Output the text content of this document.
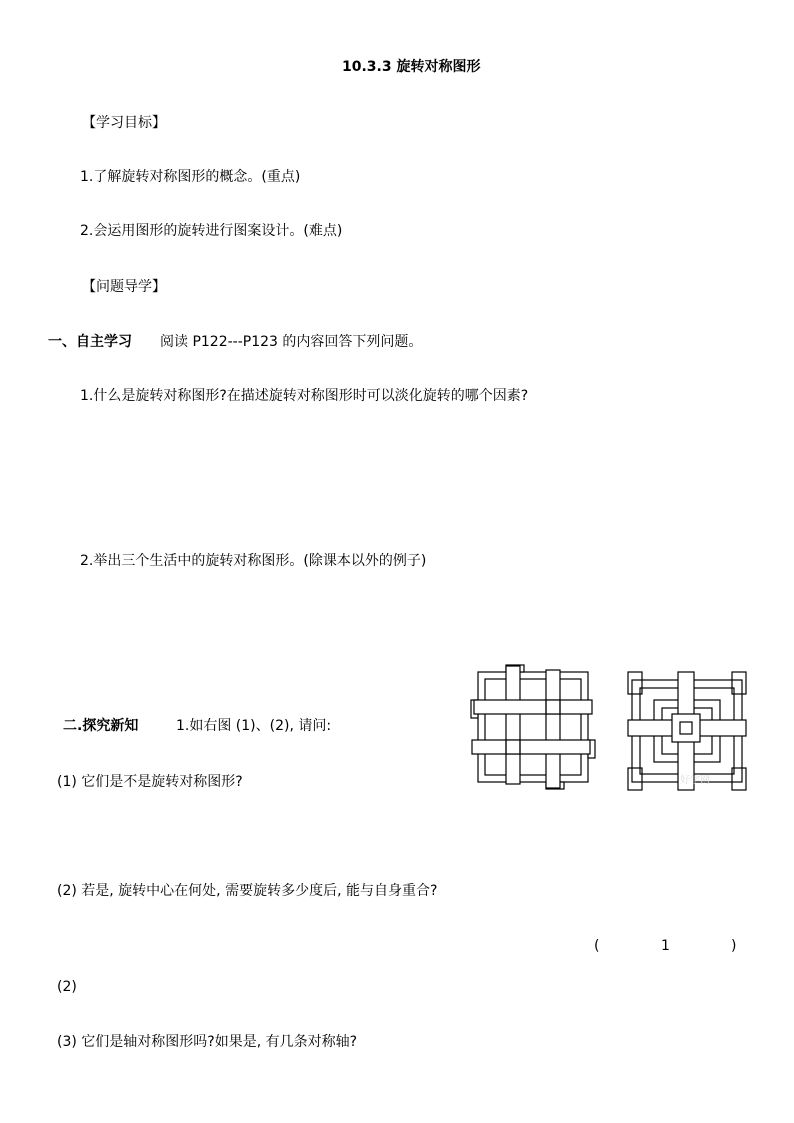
10.3.3 旋转对称图形
【学习目标】
1.了解旋转对称图形的概念。(重点)
2.会运用图形的旋转进行图案设计。(难点)
【问题导学】
一、自主学习 阅读 P122---P123 的内容回答下列问题。
1.什么是旋转对称图形?在描述旋转对称图形时可以淡化旋转的哪个因素?
2.举出三个生活中的旋转对称图形。(除课本以外的例子)
二.探究新知	1.如右图 (1)、(2), 请问:
(1) 它们是不是旋转对称图形?
(2) 若是, 旋转中心在何处, 需要旋转多少度后, 能与自身重合?
(	1	)
(2)
(3) 它们是轴对称图形吗?如果是, 有几条对称轴?
好学网
